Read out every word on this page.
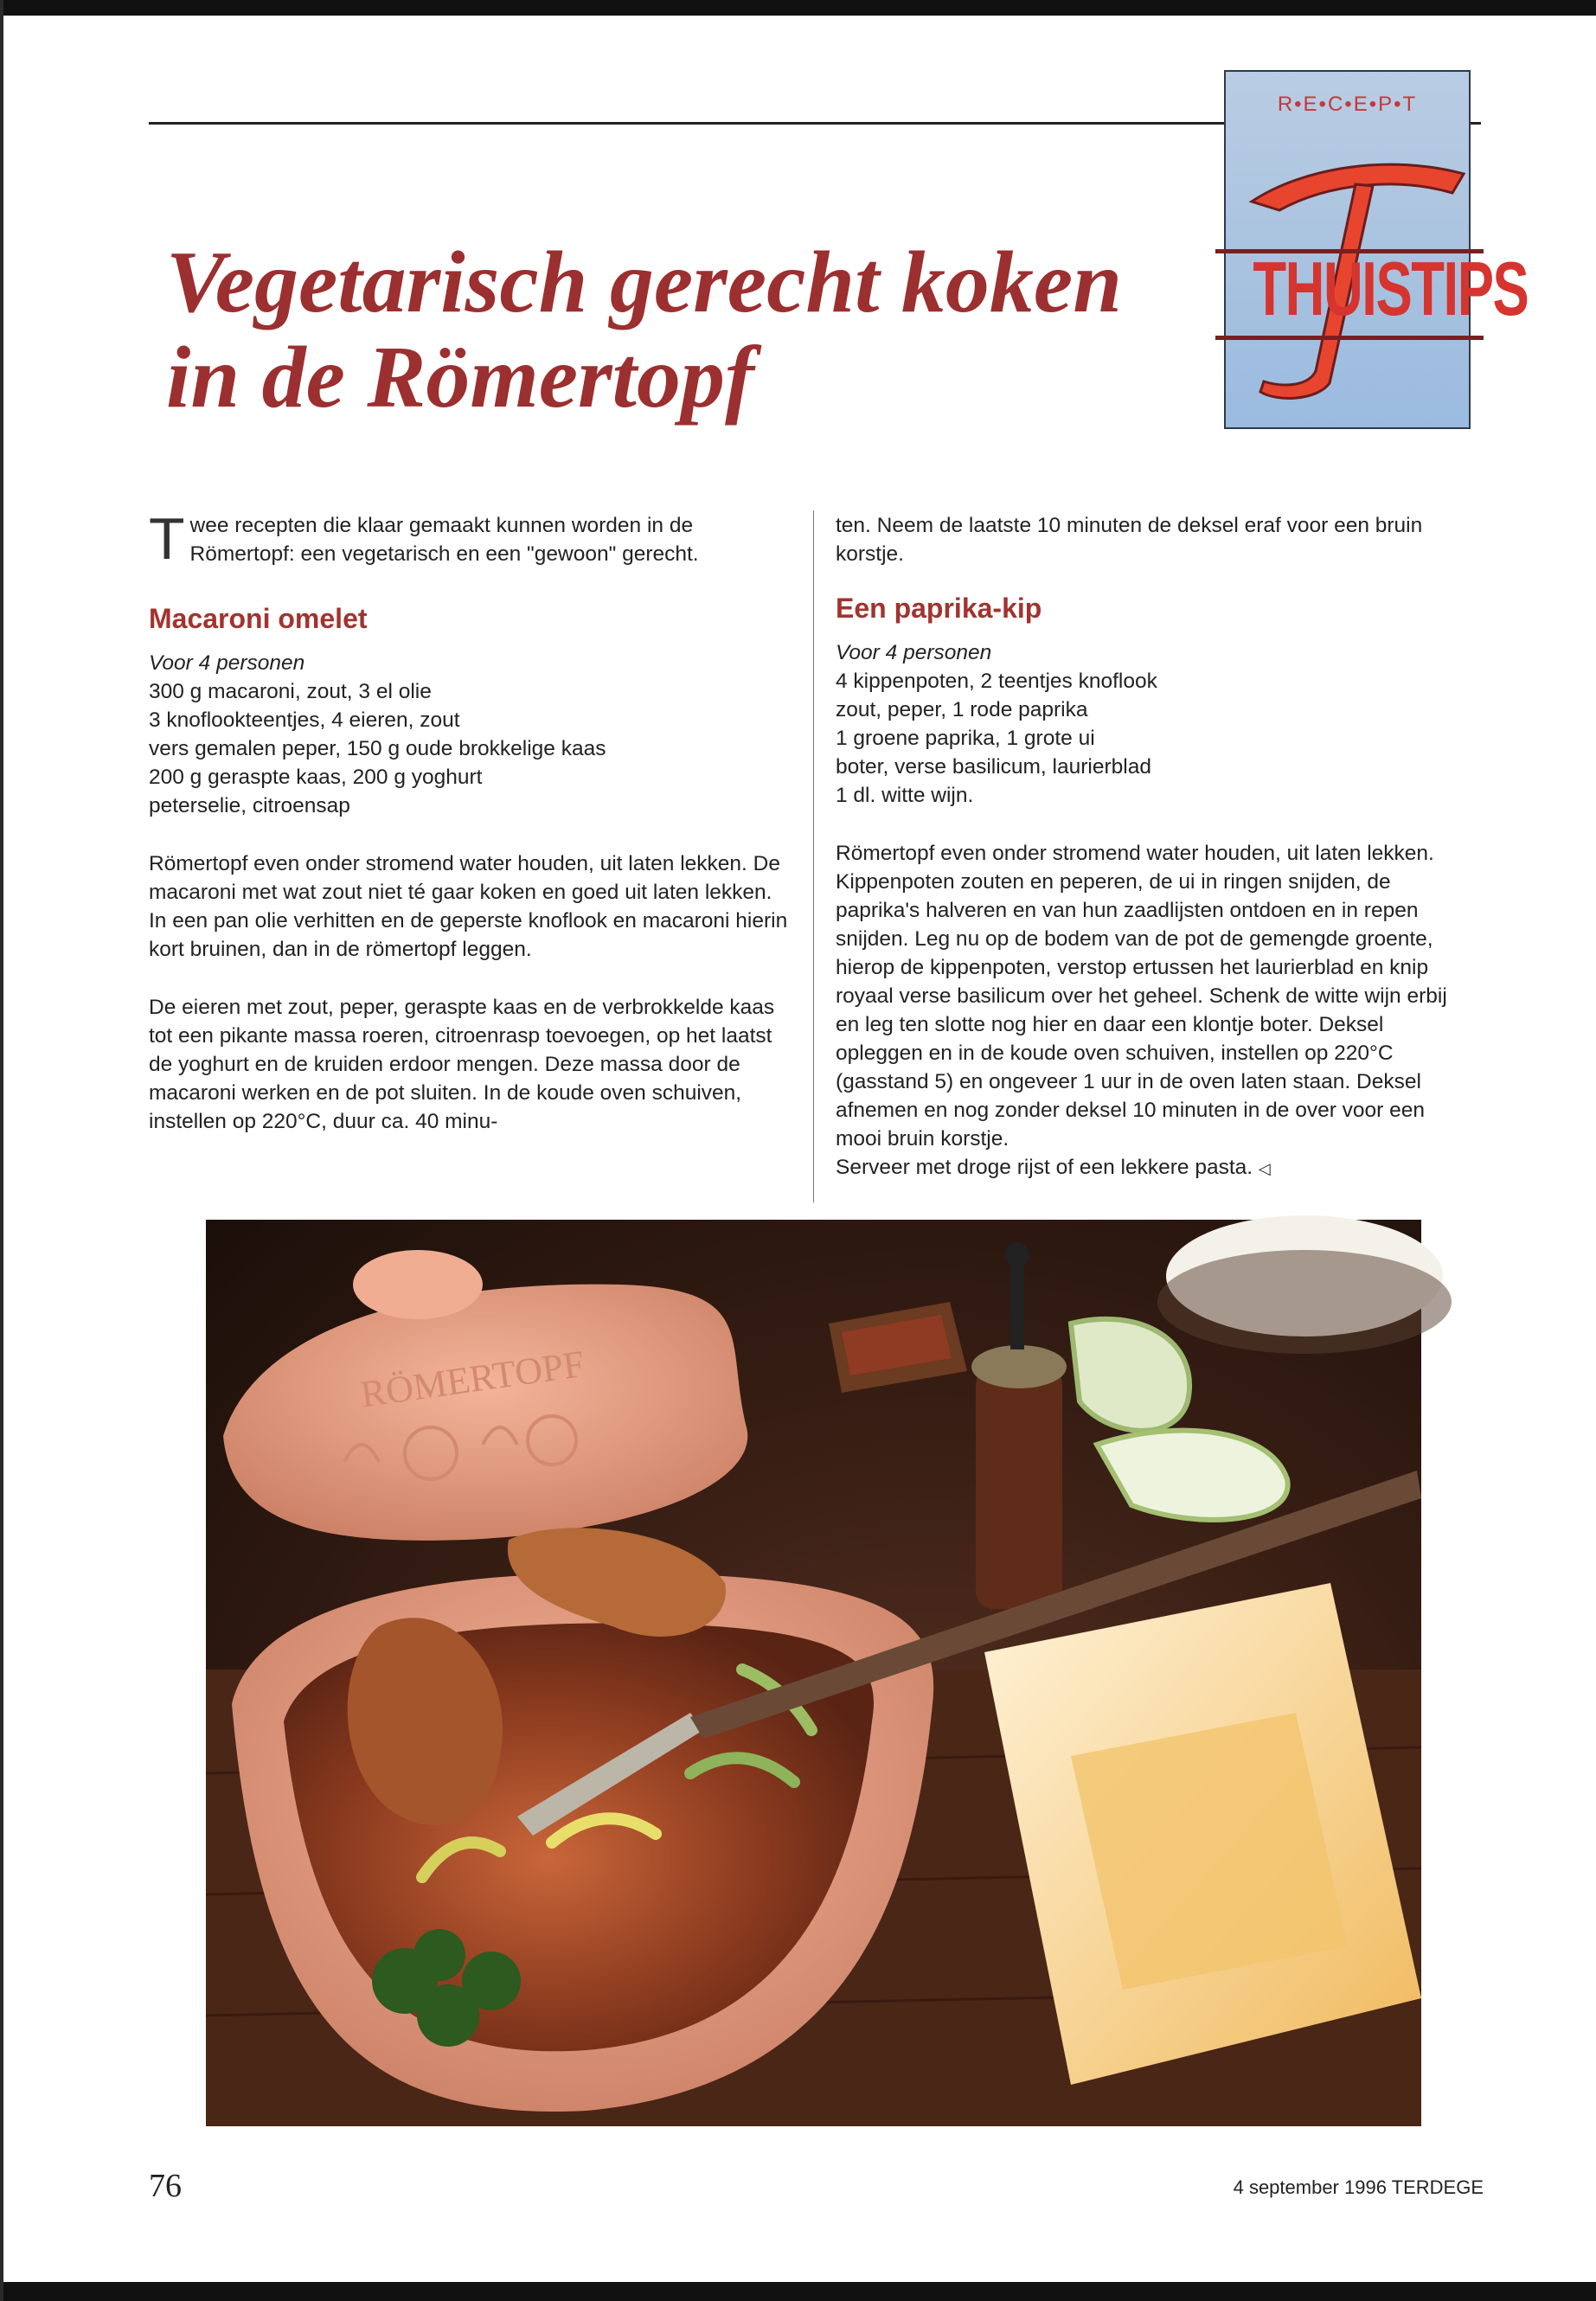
R•E•C•E•P•T
THUISTIPS
Vegetarisch gerecht koken
in de Römertopf

Twee recepten die klaar gemaakt kunnen worden in de Römertopf: een vegetarisch en een "gewoon" gerecht.

Macaroni omelet

Voor 4 personen

300 g macaroni, zout, 3 el olie

3 knoflookteentjes, 4 eieren, zout

vers gemalen peper, 150 g oude brokkelige kaas

200 g geraspte kaas, 200 g yoghurt

peterselie, citroensap

Römertopf even onder stromend water houden, uit laten lekken. De macaroni met wat zout niet té gaar koken en goed uit laten lekken. In een pan olie verhitten en de geperste knoflook en macaroni hierin kort bruinen, dan in de römertopf leggen.

De eieren met zout, peper, geraspte kaas en de verbrokkelde kaas tot een pikante massa roeren, citroenrasp toevoegen, op het laatst de yoghurt en de kruiden erdoor mengen. Deze massa door de macaroni werken en de pot sluiten. In de koude oven schuiven, instellen op 220°C, duur ca. 40 minu-

ten. Neem de laatste 10 minuten de deksel eraf voor een bruin korstje.

Een paprika-kip

Voor 4 personen

4 kippenpoten, 2 teentjes knoflook

zout, peper, 1 rode paprika

1 groene paprika, 1 grote ui

boter, verse basilicum, laurierblad

1 dl. witte wijn.

Römertopf even onder stromend water houden, uit laten lekken. Kippenpoten zouten en peperen, de ui in ringen snijden, de paprika's halveren en van hun zaadlijsten ontdoen en in repen snijden. Leg nu op de bodem van de pot de gemengde groente, hierop de kippenpoten, verstop ertussen het laurierblad en knip royaal verse basilicum over het geheel. Schenk de witte wijn erbij en leg ten slotte nog hier en daar een klontje boter. Deksel opleggen en in de koude oven schuiven, instellen op 220°C (gasstand 5) en ongeveer 1 uur in de oven laten staan. Deksel afnemen en nog zonder deksel 10 minuten in de over voor een mooi bruin korstje.

Serveer met droge rijst of een lekkere pasta. ◁

RÖMERTOPF
76	4 september 1996 TERDEGE
